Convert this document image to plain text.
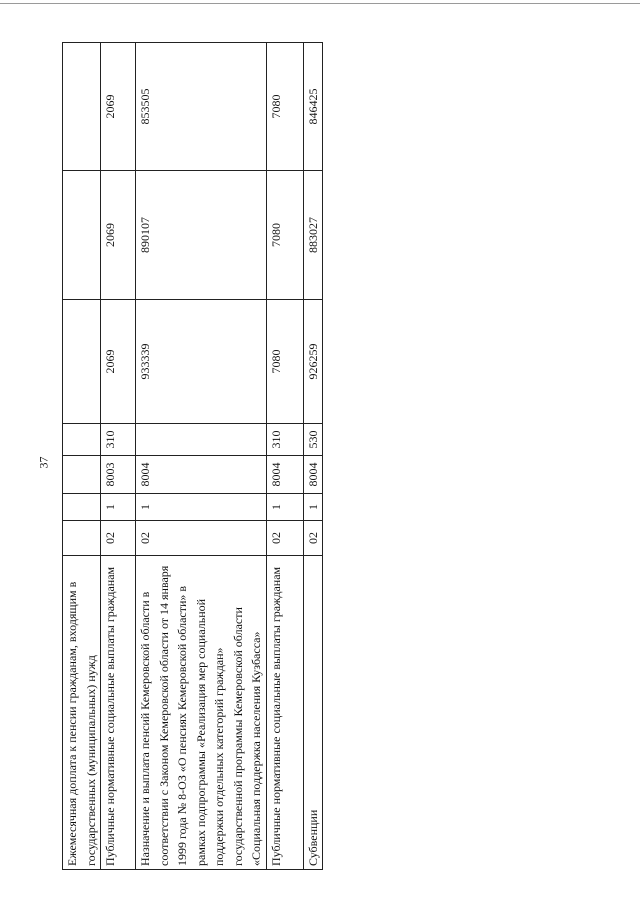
37
Ежемесячная доплата к пенсии гражданам, входящим в государственных (муниципальных) нужд							
Публичные нормативные социальные выплаты гражданам	02	1	8003	310	2069	2069	2069
Назначение и выплата пенсий Кемеровской области в соответствии с Законом Кемеровской области от 14 января 1999 года № 8-ОЗ «О пенсиях Кемеровской области» в рамках подпрограммы «Реализация мер социальной поддержки отдельных категорий граждан» государственной программы Кемеровской области «Социальная поддержка населения Кузбасса»	02	1	8004		933339	890107	853505
Публичные нормативные социальные выплаты гражданам	02	1	8004	310	7080	7080	7080
Субвенции	02	1	8004	530	926259	883027	846425
